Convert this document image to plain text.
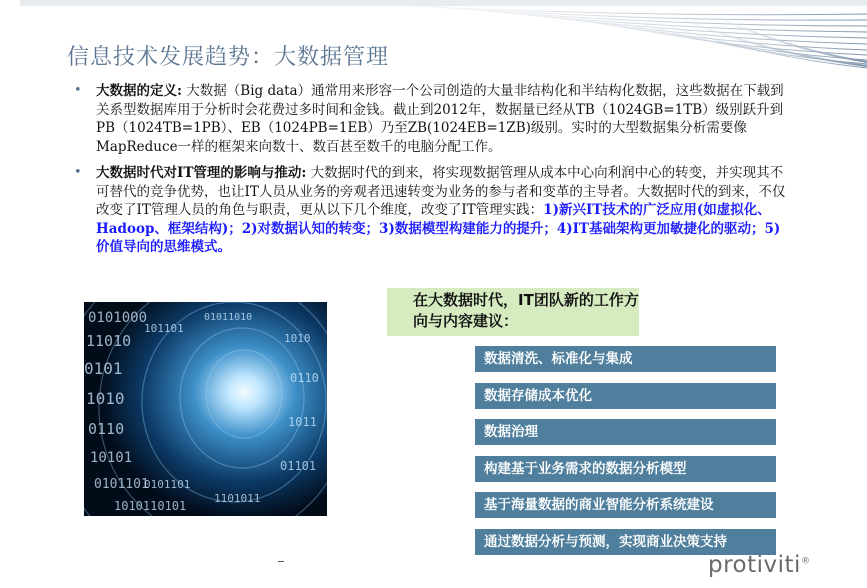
信息技术发展趋势：大数据管理
• 大数据的定义: 大数据（Big data）通常用来形容一个公司创造的大量非结构化和半结构化数据，这些数据在下载到关系型数据库用于分析时会花费过多时间和金钱。截止到2012年，数据量已经从TB（1024GB=1TB）级别跃升到PB（1024TB=1PB）、EB（1024PB=1EB）乃至ZB(1024EB=1ZB)级别。实时的大型数据集分析需要像MapReduce一样的框架来向数十、数百甚至数千的电脑分配工作。
• 大数据时代对IT管理的影响与推动: 大数据时代的到来，将实现数据管理从成本中心向利润中心的转变，并实现其不可替代的竞争优势，也让IT人员从业务的旁观者迅速转变为业务的参与者和变革的主导者。大数据时代的到来，不仅改变了IT管理人员的角色与职责，更从以下几个维度，改变了IT管理实践：1)新兴IT技术的广泛应用(如虚拟化、Hadoop、框架结构)；2)对数据认知的转变；3)数据模型构建能力的提升；4)IT基础架构更加敏捷化的驱动；5)价值导向的思维模式。
0101000
11010
0101
1010
0110
10101
0101101
1010110101
01011010
1010
0110
1011
01101
1101011
101101
0101101
在大数据时代，IT团队新的工作方向与内容建议：
数据清洗、标准化与集成
数据存储成本优化
数据治理
构建基于业务需求的数据分析模型
基于海量数据的商业智能分析系统建设
通过数据分析与预测，实现商业决策支持
protiviti®
